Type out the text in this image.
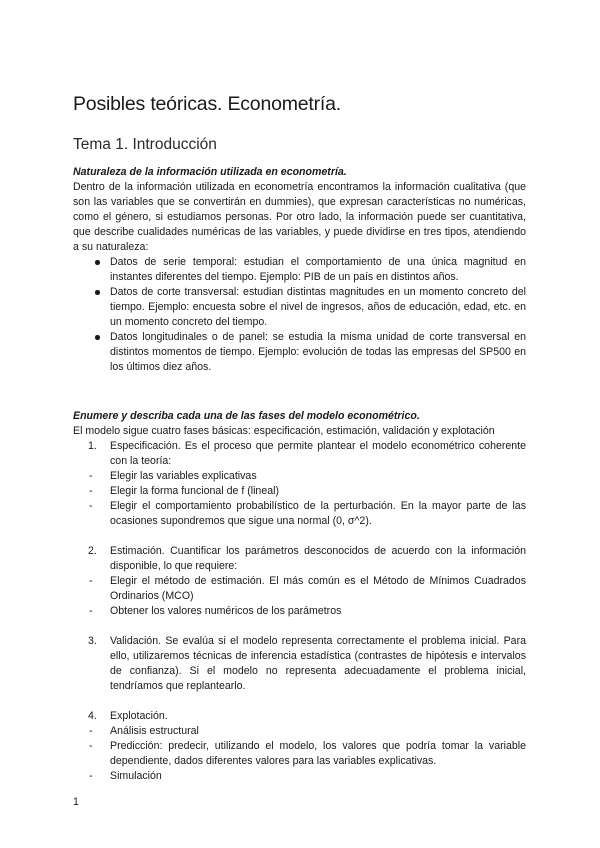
Posibles teóricas. Econometría.
Tema 1. Introducción

Naturaleza de la información utilizada en econometría.

Dentro de la información utilizada en econometría encontramos la información cualitativa (que son las variables que se convertirán en dummies), que expresan características no numéricas, como el género, si estudiamos personas. Por otro lado, la información puede ser cuantitativa, que describe cualidades numéricas de las variables, y puede dividirse en tres tipos, atendiendo a su naturaleza:

Datos de serie temporal: estudian el comportamiento de una única magnitud en instantes diferentes del tiempo. Ejemplo: PIB de un país en distintos años.
Datos de corte transversal: estudian distintas magnitudes en un momento concreto del tiempo. Ejemplo: encuesta sobre el nivel de ingresos, años de educación, edad, etc. en un momento concreto del tiempo.
Datos longitudinales o de panel: se estudia la misma unidad de corte transversal en distintos momentos de tiempo. Ejemplo: evolución de todas las empresas del SP500 en los últimos diez años.

Enumere y describa cada una de las fases del modelo econométrico.

El modelo sigue cuatro fases básicas: especificación, estimación, validación y explotación

1. Especificación. Es el proceso que permite plantear el modelo econométrico coherente con la teoría:
- Elegir las variables explicativas
- Elegir la forma funcional de f (lineal)
- Elegir el comportamiento probabilístico de la perturbación. En la mayor parte de las ocasiones supondremos que sigue una normal (0, σ^2).
2. Estimación. Cuantificar los parámetros desconocidos de acuerdo con la información disponible, lo que requiere:
- Elegir el método de estimación. El más común es el Método de Mínimos Cuadrados Ordinarios (MCO)
- Obtener los valores numéricos de los parámetros
3. Validación. Se evalúa si el modelo representa correctamente el problema inicial. Para ello, utilizaremos técnicas de inferencia estadística (contrastes de hipótesis e intervalos de confianza). Si el modelo no representa adecuadamente el problema inicial, tendríamos que replantearlo.
4. Explotación.
- Análisis estructural
- Predicción: predecir, utilizando el modelo, los valores que podría tomar la variable dependiente, dados diferentes valores para las variables explicativas.
- Simulación
1
